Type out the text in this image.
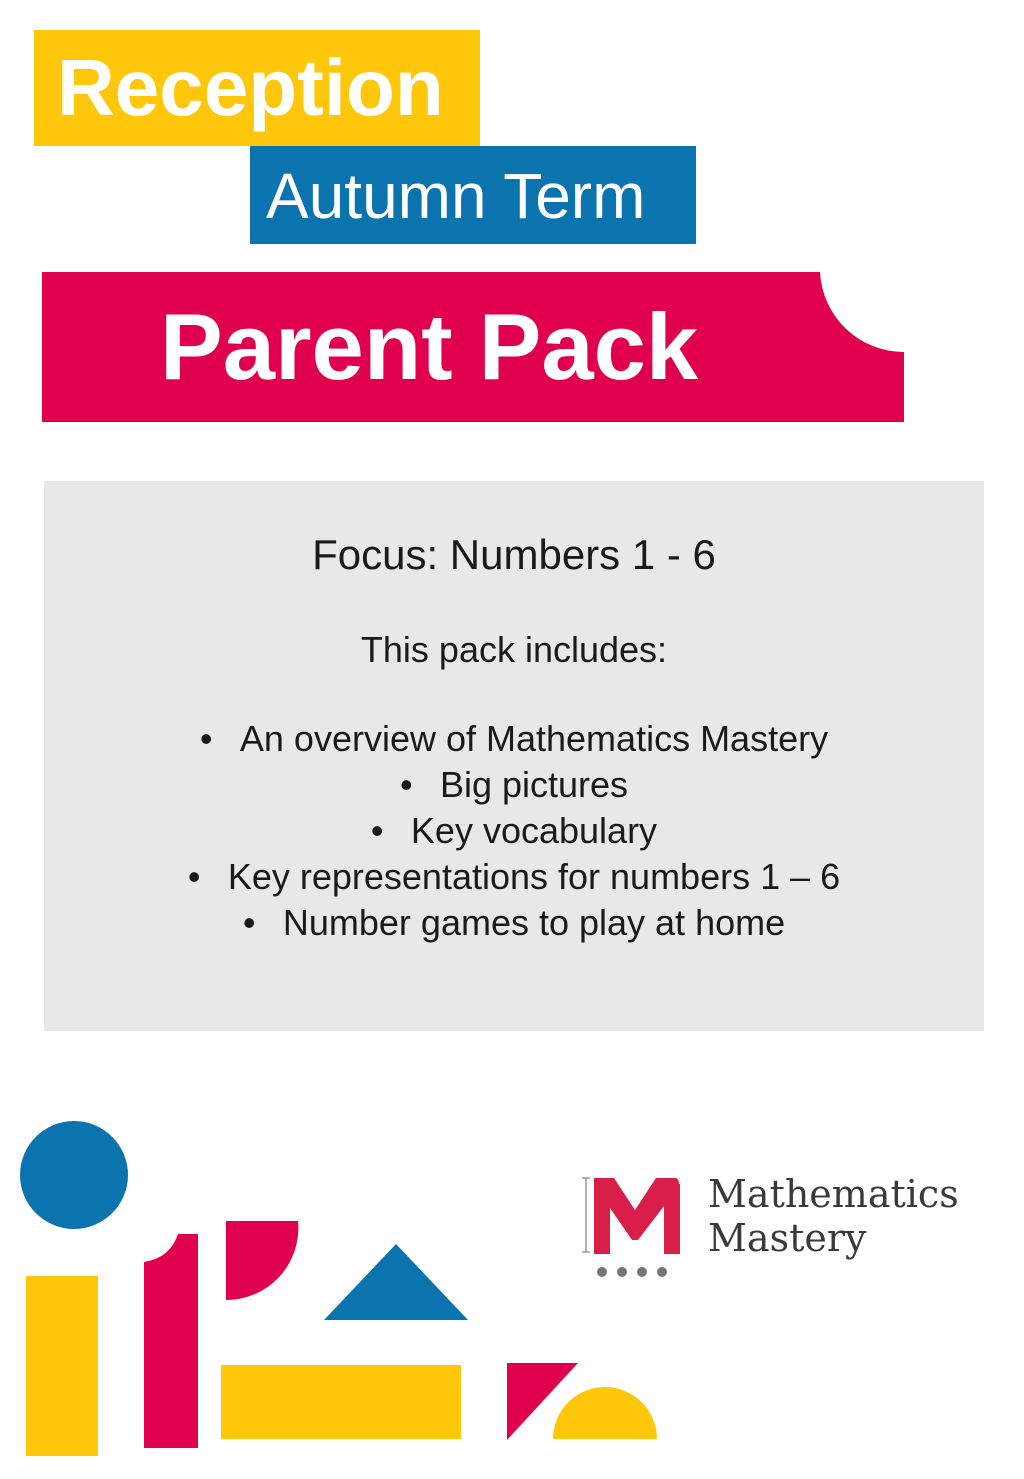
Reception
Autumn Term
Parent Pack
Focus: Numbers 1 - 6
This pack includes:
• An overview of Mathematics Mastery
• Big pictures
• Key vocabulary
• Key representations for numbers 1 – 6
• Number games to play at home
Mathematics
Mastery
